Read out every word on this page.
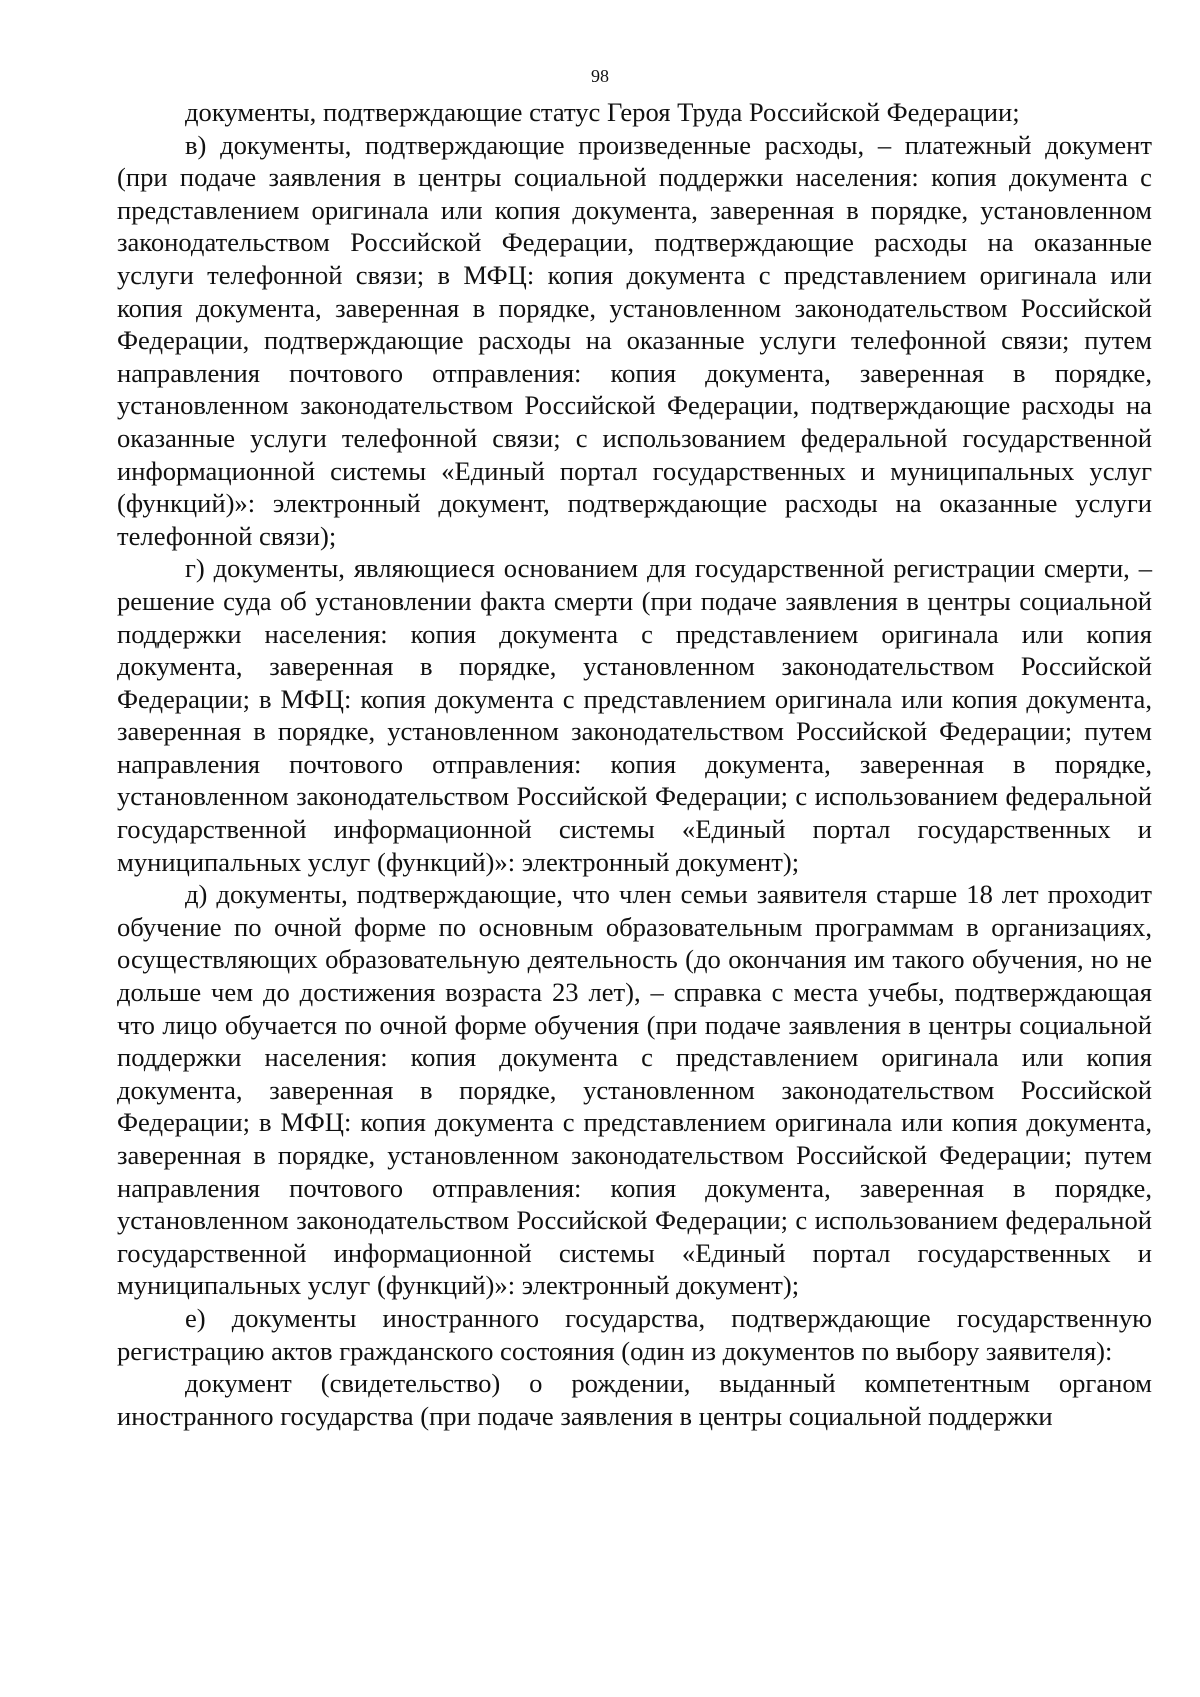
98

документы, подтверждающие статус Героя Труда Российской Федерации;

в) документы, подтверждающие произведенные расходы, – платежный документ (при подаче заявления в центры социальной поддержки населения: копия документа с представлением оригинала или копия документа, заверенная в порядке, установленном законодательством Российской Федерации, подтверждающие расходы на оказанные услуги телефонной связи; в МФЦ: копия документа с представлением оригинала или копия документа, заверенная в порядке, установленном законодательством Российской Федерации, подтверждающие расходы на оказанные услуги телефонной связи; путем направления почтового отправления: копия документа, заверенная в порядке, установленном законодательством Российской Федерации, подтверждающие расходы на оказанные услуги телефонной связи; с использованием федеральной государственной информационной системы «Единый портал государственных и муниципальных услуг (функций)»: электронный документ, подтверждающие расходы на оказанные услуги телефонной связи);

г) документы, являющиеся основанием для государственной регистрации смерти, – решение суда об установлении факта смерти (при подаче заявления в центры социальной поддержки населения: копия документа с представлением оригинала или копия документа, заверенная в порядке, установленном законодательством Российской Федерации; в МФЦ: копия документа с представлением оригинала или копия документа, заверенная в порядке, установленном законодательством Российской Федерации; путем направления почтового отправления: копия документа, заверенная в порядке, установленном законодательством Российской Федерации; с использованием федеральной государственной информационной системы «Единый портал государственных и муниципальных услуг (функций)»: электронный документ);

д) документы, подтверждающие, что член семьи заявителя старше 18 лет проходит обучение по очной форме по основным образовательным программам в организациях, осуществляющих образовательную деятельность (до окончания им такого обучения, но не дольше чем до достижения возраста 23 лет), – справка с места учебы, подтверждающая что лицо обучается по очной форме обучения (при подаче заявления в центры социальной поддержки населения: копия документа с представлением оригинала или копия документа, заверенная в порядке, установленном законодательством Российской Федерации; в МФЦ: копия документа с представлением оригинала или копия документа, заверенная в порядке, установленном законодательством Российской Федерации; путем направления почтового отправления: копия документа, заверенная в порядке, установленном законодательством Российской Федерации; с использованием федеральной государственной информационной системы «Единый портал государственных и муниципальных услуг (функций)»: электронный документ);

е) документы иностранного государства, подтверждающие государственную регистрацию актов гражданского состояния (один из документов по выбору заявителя):

документ (свидетельство) о рождении, выданный компетентным органом иностранного государства (при подаче заявления в центры социальной поддержки
